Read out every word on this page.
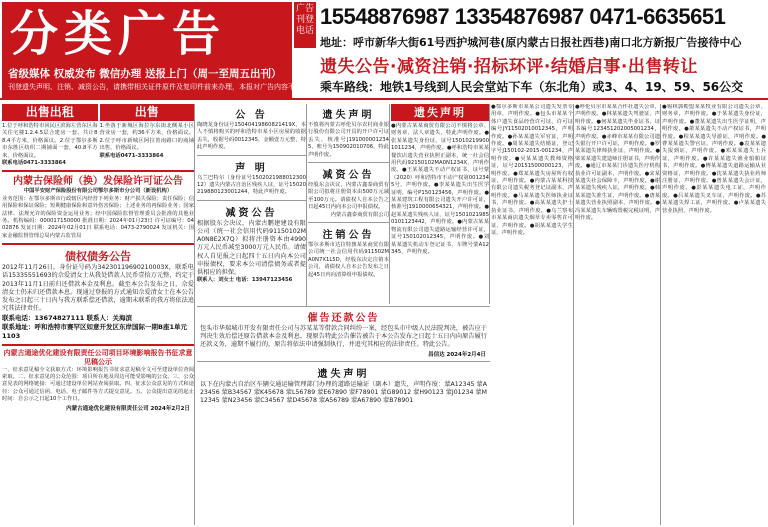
分类广告
省级媒体 权威发布 微信办理 送报上门（周一至周五出刊）
刊登遗失声明、注销、减资公告，请携带相关证件原件及复印件前来办理，本报对广告内容不负法律责任
广告刊登电话
15548876987 13354876987 0471-6635651
地址：呼市新华大街61号西护城河巷(原内蒙古日报社西巷)南口北方新报广告接待中心
遗失公告·减资注销·招标环评·结婚启事·出售转让
乘车路线：地铁1号线到人民会堂站下车（东北角）或3、4、19、59、56公交
出售出租
1.位于呼和浩特市回民区滨海左营东区海关住宅楼1.2.4.5层合建房一套，共计88.4平方米，价格面议。2.位于鄂尔多斯市东胜区纺织二期铺面一套，40.8平方米，价格面议。
联系电话0471-3333864
出售
1.坐落于新城区海拉尔东街北侧某小区营业房一套，约36平方米，价格面议。2.位于呼市新城区阿拉善南路口的商铺出售，价格面议。
联系电话0471-3333864
内蒙古保险师（换）发保险许可证公告
中国平安财产保险股份有限公司鄂尔多斯市分公司（新设机构）
业务范围：在鄂尔多斯市行政辖区内经营下列业务：财产损失保险；责任保险；信用保险和保证保险；短期健康保险和意外伤害保险；上述业务的再保险业务；国家法律、法规允许的保险资金运用业务；经中国保险监督管理委员会批准的其他业务。机构编码：000017150000 批准日期：2024年01月23日 许可证编号：0402876 发证日期：2024年02月01日 联系电话：0473-2790024 发证机关：国家金融监督管理总局内蒙古监管局
债权债务公告
2012年11月26日，身份证号码为34230119690210003X，联系电话15335551693的佘爱清女士从我处借款人民币壹拾万元整，约定于2013年11月1日前归还借款本金及利息。截至本公告发布之日，佘爱清女士仍未归还借款本息。现通过登报的方式通知佘爱清女士在本公告发布之日起三十日内与我方联系偿还借款，逾期未联系的我方将依法追究其法律责任。
联系电话：13674827111 联系人：关海滨
联系地址：呼和浩特市赛罕区如意开发区东岸国际一期B座1单元1103
内蒙古通途优化建设有限责任公司项目环境影响报告书征求意见稿公示
一、征求意见稿全文获取方式：环境影响报告书征求意见稿全文可至建设单位查阅索取。二、征求意见的公众范围：项目所在地及周边可能受影响的公众。三、公众意见表的网络链接：可通过建设单位网站查阅获取。四、征求公众意见的方式和途径：公众可通过信函、电话、电子邮件等方式提交意见。五、公众提出意见的起止时间：自公示之日起10个工作日。
内蒙古通途优化建设有限责任公司 2024年2月2日
公 告
陶晓龙身份证号15040419860821419X，本人不慎将购买的呼和浩特市某小区房屋的收据丢失，收据号码0012345，金额壹万元整，特此声明作废。
声 明
乌兰巴特尔（身份证号150202198801230012）遗失内蒙古自治区残疾人证，证号15020219880123001244，特此声明作废。
减资公告
根据股东会决议，内蒙古鹏建建设有限公司（统一社会信用代码91150102MA0N8E2X7Q）拟将注册资本由4990万元人民币减至3000万元人民币。请债权人自见报之日起四十五日内向本公司申报债权，要求本公司清偿债务或者提供相应的担保。
联系人：刘女士 电话：13947123456
遗失声明
不慎将内蒙古呼伦贝尔农村商业银行股份有限公司开具的开户许可证丢失，核准号J1910000012345，账号为150902010706，特此声明作废。
减资公告
经股东会决议，内蒙古鑫泰商贸有限公司拟将注册资本由500万元减至100万元。请债权人自本公告之日起45日内向本公司申报债权。
内蒙古鑫泰商贸有限公司
注销公告
鄂尔多斯市达拉特旗某某商贸有限公司统一社会信用代码911502MA0N7X1L5D，经股东决定注销本公司，请债权人自本公告发布之日起45日内向清算组申报债权。
催告还款公告
包头市华瑞城市开发有限责任公司与苏某某等借款合同纠纷一案，经包头市中级人民法院判决，被告应于判决生效后偿还原告借款本金及利息。现原告特此公告催告被告于本公告发布之日起十五日内向原告履行还款义务，逾期不履行的，原告将依法申请强制执行，并追究其相应的法律责任。特此公告。
昌信达 2024年2月4日
遗失声明
以下在内蒙古自治区车辆交通运输管理部门办理的道路运输证（副本）遗失，声明作废：蒙A12345 蒙A23456 蒙B34567 蒙K45678 蒙L56789 蒙E67890 蒙F78901 蒙G89012 蒙H90123 蒙J01234 蒙M12345 蒙N23456 蒙C34567 蒙D45678 蒙A56789 蒙A67890 蒙B78901
遗失声明
●内蒙古某某商贸有限公司不慎将公章、财务章、法人章遗失，特此声明作废。●张某某遗失身份证，证号150102199001011234，声明作废。●呼和浩特市某某餐饮店遗失营业执照正副本，统一社会信用代码92150102MA0N1234X，声明作废。●王某某遗失不动产权证书，证号蒙（2020）呼和浩特市不动产权第0012345号，声明作废。●李某某遗失出生医学证明，编号P150123456，声明作废。●某某建筑工程有限公司遗失开户许可证，核准号J1910000654321，声明作废。●赵某某遗失残疾人证，证号15010219850101123442，声明作废。●内蒙古某某物流有限公司遗失道路运输经营许可证，证号150102012345，声明作废。●刘某某遗失机动车登记证书，车牌号蒙A12345，声明作废。
●鄂尔多斯市某某公司遗失发票专用章，声明作废。●包头市某某个体户遗失食品经营许可证，许可证编号JY11502010012345，声明作废。●孙某某遗失军官证，声明作废。●周某某遗失结婚证，登记字号J150102-2015-001234，声明作废。●吴某某遗失教师资格证，证号20151500000123，声明作废。●郑某某遗失房屋所有权证，声明作废。●内蒙古某某科技有限公司遗失税务登记证副本，声明作废。●马某某遗失医师执业证书，声明作废。●高某某遗失护士执业证书，声明作废。●乌兰察布市某某商店遗失烟草专卖零售许可证，声明作废。●胡某某遗失学生证，声明作废。
●呼伦贝尔市某某合作社遗失公章，声明作废。●林某某遗失驾驶证，声明作废。●何某某遗失毕业证书，证书编号123451202005001234，声明作废。●赤峰市某某有限公司遗失银行开户许可证，声明作废。●罗某某遗失律师执业证，声明作废。●梁某某遗失建造师注册证书，声明作废。●通辽市某某门诊遗失医疗机构执业许可证副本，声明作废。●宋某某遗失社会保障卡，声明作废。●谢某某遗失残疾人证，声明作废。●韩某某遗失准生证，声明作废。●唐某某遗失营业执照副本，声明作废。●冯某某遗失车辆购置税完税证明，声明作废。
●锡林郭勒盟某某牧业有限公司遗失公章、财务章，声明作废。●于某某遗失身份证，声明作废。●董某某遗失出生医学证明，声明作废。●萧某某遗失不动产权证书，声明作废。●程某某遗失导游证，声明作废。●曹某某遗失警官证，声明作废。●袁某某遗失报到证，声明作废。●邓某某遗失士兵证，声明作废。●许某某遗失渔业船舶证书，声明作废。●傅某某遗失道路运输从业资格证，声明作废。●沈某某遗失执业药师注册证，声明作废。●曾某某遗失会计证，声明作废。●彭某某遗失电工证，声明作废。●吕某某遗失叉车证，声明作废。●苏某某遗失焊工证，声明作废。●卢某某遗失营业执照，声明作废。
